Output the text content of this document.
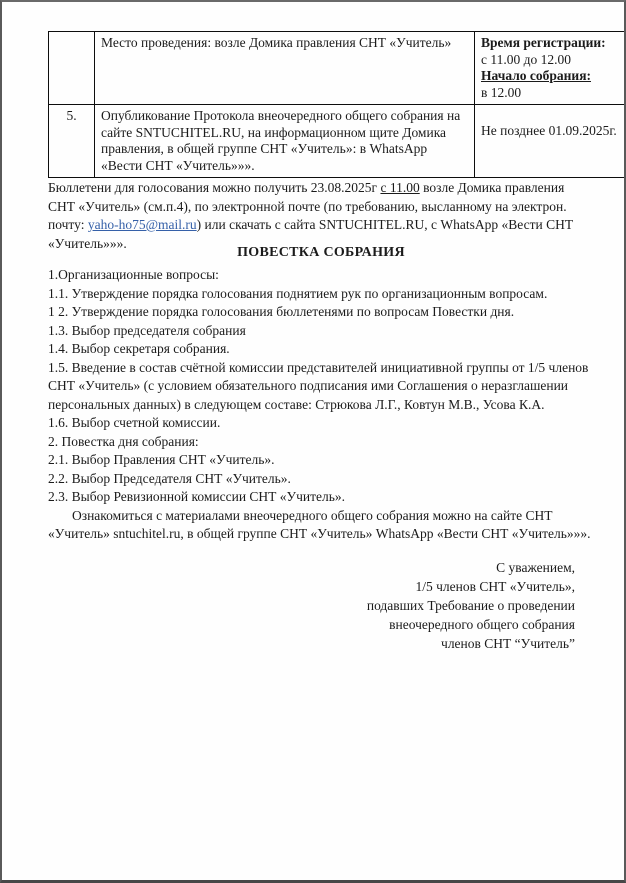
	Место проведения: возле Домика правления СНТ «Учитель»	Время регистрации:
с 11.00 до 12.00
Начало собрания:
в 12.00

5.	Опубликование Протокола внеочередного общего собрания на сайте SNTUCHITEL.RU, на информационном щите Домика правления, в общей группе СНТ «Учитель»: в WhatsApp «Вести СНТ «Учитель»»».	Не позднее 01.09.2025г.
Бюллетени для голосования можно получить 23.08.2025г с 11.00 возле Домика правления СНТ «Учитель» (см.п.4), по электронной почте (по требованию, высланному на электрон. почту: yaho-ho75@mail.ru) или скачать с сайта SNTUCHITEL.RU, с WhatsApp «Вести СНТ «Учитель»»».
ПОВЕСТКА СОБРАНИЯ
1.Организационные вопросы:
1.1. Утверждение порядка голосования поднятием рук по организационным вопросам.
1 2. Утверждение порядка голосования бюллетенями по вопросам Повестки дня.
1.3. Выбор председателя собрания
1.4. Выбор секретаря собрания.
1.5. Введение в состав счётной комиссии представителей инициативной группы от 1/5 членов СНТ «Учитель» (с условием обязательного подписания ими Соглашения о неразглашении персональных данных) в следующем составе: Стрюкова Л.Г., Ковтун М.В., Усова К.А.
1.6. Выбор счетной комиссии.
2. Повестка дня собрания:
2.1. Выбор Правления СНТ «Учитель».
2.2. Выбор Председателя СНТ «Учитель».
2.3. Выбор Ревизионной комиссии СНТ «Учитель».
Ознакомиться с материалами внеочередного общего собрания можно на сайте СНТ «Учитель» sntuchitel.ru, в общей группе СНТ «Учитель» WhatsApp «Вести СНТ «Учитель»»».
С уважением,
1/5 членов СНТ «Учитель»,
подавших Требование о проведении
внеочередного общего собрания
членов СНТ “Учитель”
